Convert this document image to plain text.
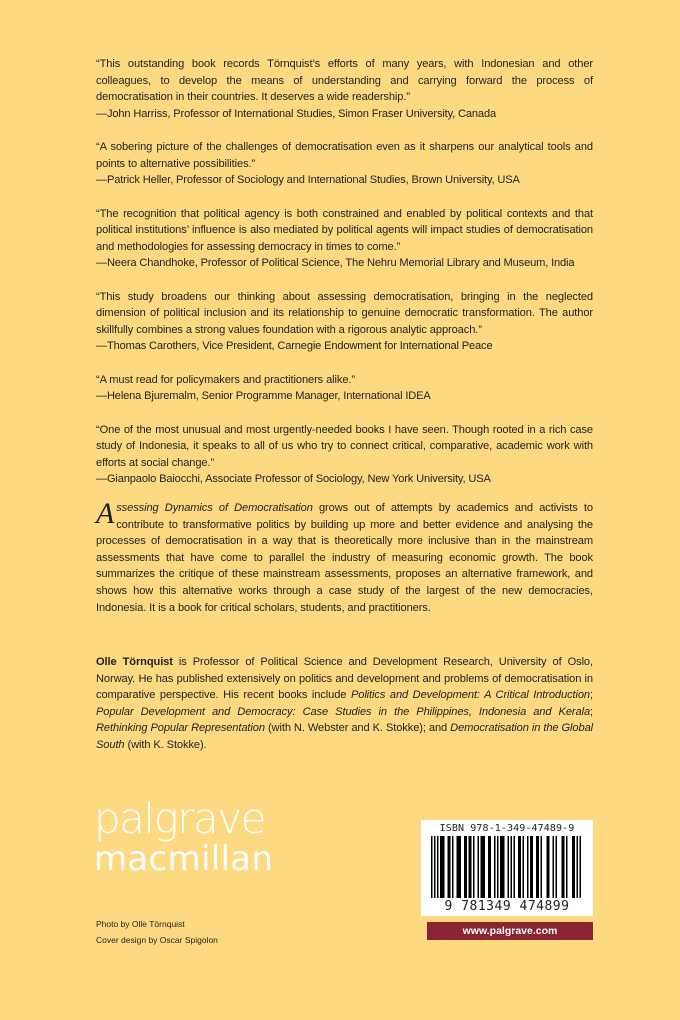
“This outstanding book records Törnquist’s efforts of many years, with Indonesian and other colleagues, to develop the means of understanding and carrying forward the process of democratisation in their countries. It deserves a wide readership.”

—John Harriss, Professor of International Studies, Simon Fraser University, Canada

“A sobering picture of the challenges of democratisation even as it sharpens our analytical tools and points to alternative possibilities.”

—Patrick Heller, Professor of Sociology and International Studies, Brown University, USA

“The recognition that political agency is both constrained and enabled by political contexts and that political institutions’ influence is also mediated by political agents will impact studies of democratisation and methodologies for assessing democracy in times to come.”

—Neera Chandhoke, Professor of Political Science, The Nehru Memorial Library and Museum, India

“This study broadens our thinking about assessing democratisation, bringing in the neglected dimension of political inclusion and its relationship to genuine democratic transformation. The author skillfully combines a strong values foundation with a rigorous analytic approach.”

—Thomas Carothers, Vice President, Carnegie Endowment for International Peace

“A must read for policymakers and practitioners alike.”

—Helena Bjuremalm, Senior Programme Manager, International IDEA

“One of the most unusual and most urgently-needed books I have seen. Though rooted in a rich case study of Indonesia, it speaks to all of us who try to connect critical, comparative, academic work with efforts at social change.”

—Gianpaolo Baiocchi, Associate Professor of Sociology, New York University, USA

Assessing Dynamics of Democratisation grows out of attempts by academics and activists to contribute to transformative politics by building up more and better evidence and analysing the processes of democratisation in a way that is theoretically more inclusive than in the mainstream assessments that have come to parallel the industry of measuring economic growth. The book summarizes the critique of these mainstream assessments, proposes an alternative framework, and shows how this alternative works through a case study of the largest of the new democracies, Indonesia. It is a book for critical scholars, students, and practitioners.

Olle Törnquist is Professor of Political Science and Development Research, University of Oslo, Norway. He has published extensively on politics and development and problems of democratisation in comparative perspective. His recent books include Politics and Development: A Critical Introduction; Popular Development and Democracy: Case Studies in the Philippines, Indonesia and Kerala; Rethinking Popular Representation (with N. Webster and K. Stokke); and Democratisation in the Global South (with K. Stokke).

palgrave
macmillan
Photo by Olle Törnquist
Cover design by Oscar Spigolon
ISBN 978-1-349-47489-9
9 781349 474899
www.palgrave.com
